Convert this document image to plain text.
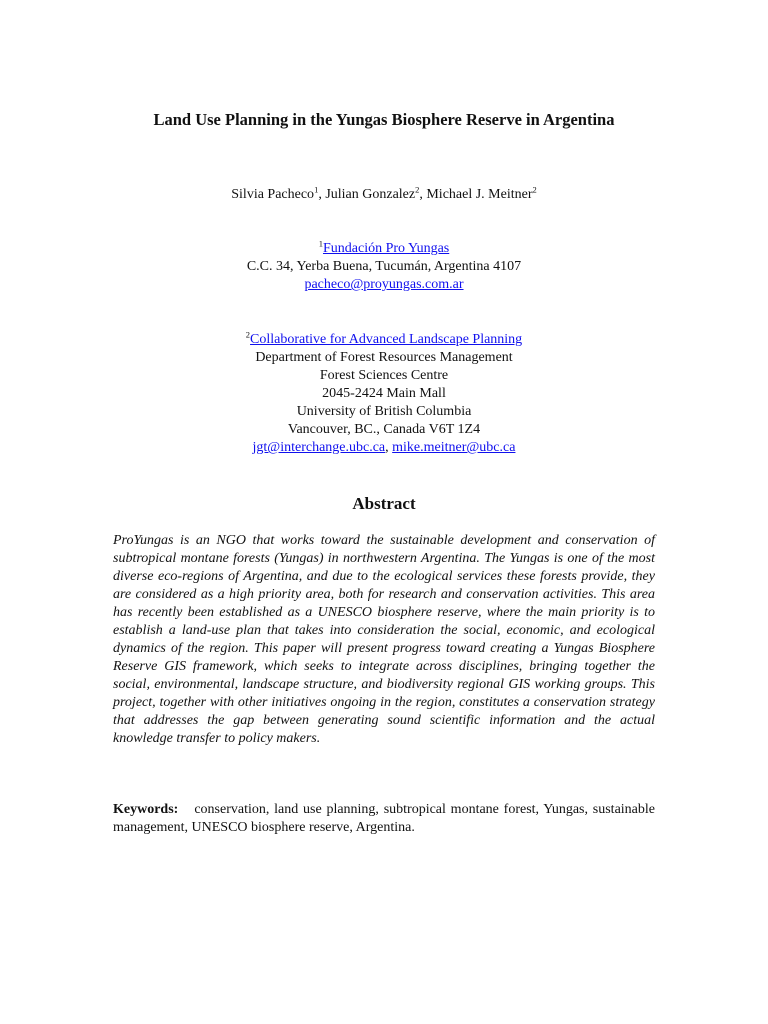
Land Use Planning in the Yungas Biosphere Reserve in Argentina
Silvia Pacheco$^1$, Julian Gonzalez$^2$, Michael J. Meitner$^2$
$^1$Fundación Pro Yungas
C.C. 34, Yerba Buena, Tucumán, Argentina 4107
pacheco@proyungas.com.ar
$^2$Collaborative for Advanced Landscape Planning
Department of Forest Resources Management
Forest Sciences Centre
2045-2424 Main Mall
University of British Columbia
Vancouver, BC., Canada V6T 1Z4
jgt@interchange.ubc.ca, mike.meitner@ubc.ca
Abstract
ProYungas is an NGO that works toward the sustainable development and conservation of subtropical montane forests (Yungas) in northwestern Argentina. The Yungas is one of the most diverse eco-regions of Argentina, and due to the ecological services these forests provide, they are considered as a high priority area, both for research and conservation activities. This area has recently been established as a UNESCO biosphere reserve, where the main priority is to establish a land-use plan that takes into consideration the social, economic, and ecological dynamics of the region. This paper will present progress toward creating a Yungas Biosphere Reserve GIS framework, which seeks to integrate across disciplines, bringing together the social, environmental, landscape structure, and biodiversity regional GIS working groups. This project, together with other initiatives ongoing in the region, constitutes a conservation strategy that addresses the gap between generating sound scientific information and the actual knowledge transfer to policy makers.
Keywords: conservation, land use planning, subtropical montane forest, Yungas, sustainable management, UNESCO biosphere reserve, Argentina.
